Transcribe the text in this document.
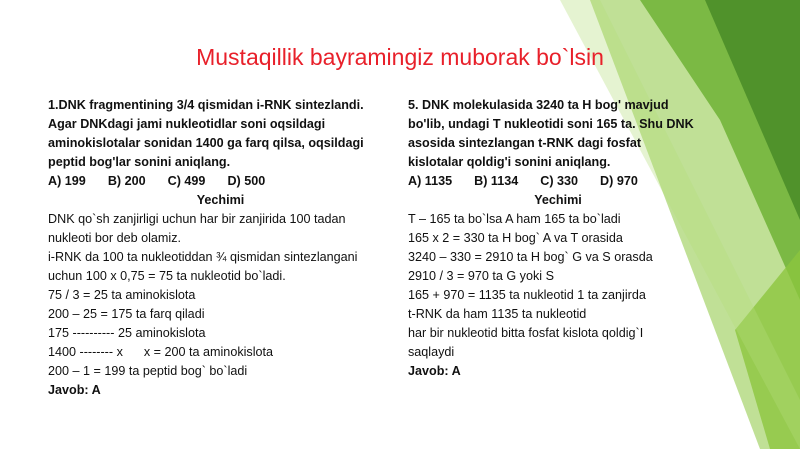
Mustaqillik bayramingiz muborak bo`lsin
1.DNK fragmentining 3/4 qismidan i-RNK sintezlandi.
Agar DNKdagi jami nukleotidlar soni oqsildagi
aminokislotalar sonidan 1400 ga farq qilsa, oqsildagi
peptid bog'lar sonini aniqlang.
A) 199 B) 200 C) 499 D) 500
Yechimi
DNK qo`sh zanjirligi uchun har bir zanjirida 100 tadan
nukleoti bor deb olamiz.
i-RNK da 100 ta nukleotiddan ¾ qismidan sintezlangani
uchun 100 x 0,75 = 75 ta nukleotid bo`ladi.
75 / 3 = 25 ta aminokislota
200 – 25 = 175 ta farq qiladi
175 ---------- 25 aminokislota
1400 -------- x      x = 200 ta aminokislota
200 – 1 = 199 ta peptid bog` bo`ladi
Javob: A
5. DNK molekulasida 3240 ta H bog' mavjud
bo'lib, undagi T nukleotidi soni 165 ta. Shu DNK
asosida sintezlangan t-RNK dagi fosfat
kislotalar qoldig'i sonini aniqlang.
A) 1135 B) 1134 C) 330 D) 970
Yechimi
T – 165 ta bo`lsa A ham 165 ta bo`ladi
165 x 2 = 330 ta H bog` A va T orasida
3240 – 330 = 2910 ta H bog` G va S orasda
2910 / 3 = 970 ta G yoki S
165 + 970 = 1135 ta nukleotid 1 ta zanjirda
t-RNK da ham 1135 ta nukleotid
har bir nukleotid bitta fosfat kislota qoldig`I
saqlaydi
Javob: A
